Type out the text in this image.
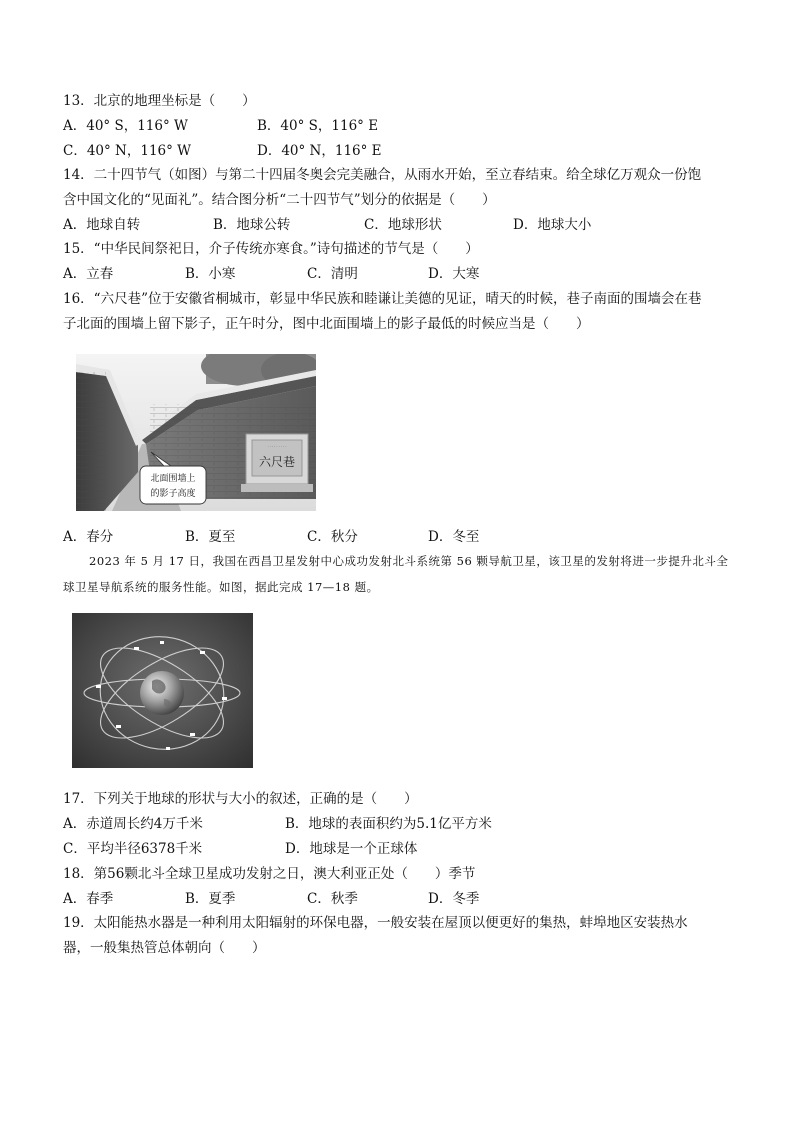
13．北京的地理坐标是（　　）
A．40° S，116° W	B．40° S，116° E
C．40° N，116° W	D．40° N，116° E
14．二十四节气（如图）与第二十四届冬奥会完美融合，从雨水开始，至立春结束。给全球亿万观众一份饱
含中国文化的“见面礼”。结合图分析“二十四节气”划分的依据是（　　）
A．地球自转	B．地球公转	C．地球形状	D．地球大小
15．“中华民间祭祀日，介子传统亦寒食。”诗句描述的节气是（　　）
A．立春	B．小寒	C．清明	D．大寒
16．“六尺巷”位于安徽省桐城市，彰显中华民族和睦谦让美德的见证，晴天的时候，巷子南面的围墙会在巷
子北面的围墙上留下影子，正午时分，图中北面围墙上的影子最低的时候应当是（　　）
· · · · · · · · ·
六尺巷
北面围墙上
的影子高度
A．春分	B．夏至	C．秋分	D．冬至
2023 年 5 月 17 日，我国在西昌卫星发射中心成功发射北斗系统第 56 颗导航卫星，该卫星的发射将进一步提升北斗全球卫星导航系统的服务性能。如图，据此完成 17—18 题。
17．下列关于地球的形状与大小的叙述，正确的是（　　）
A．赤道周长约4万千米	B．地球的表面积约为5.1亿平方米
C．平均半径6378千米	D．地球是一个正球体
18．第56颗北斗全球卫星成功发射之日，澳大利亚正处（　　）季节
A．春季	B．夏季	C．秋季	D．冬季
19．太阳能热水器是一种利用太阳辐射的环保电器，一般安装在屋顶以便更好的集热，蚌埠地区安装热水
器，一般集热管总体朝向（　　）
